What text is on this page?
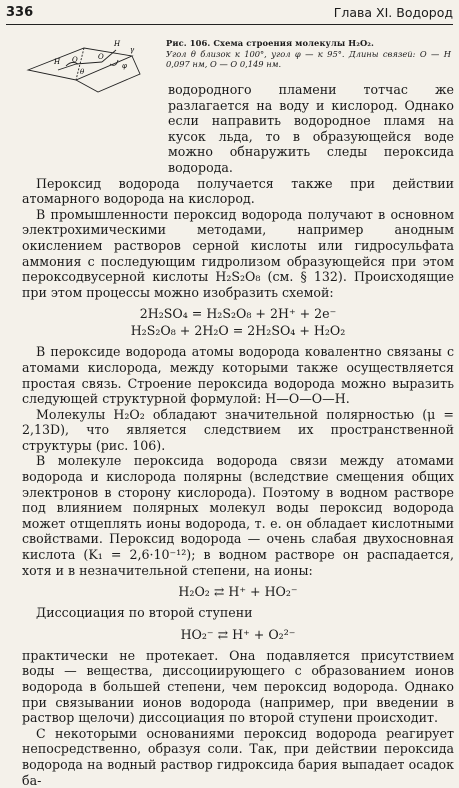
336	Глава XI. Водород
O
H
O
H
θ
φ
γ
Рис. 106. Схема строения молекулы H₂O₂.
Угол θ близок к 100°, угол φ — к 95°. Длины связей: O — H 0,097 нм, O — O 0,149 нм.

водородного пламени тотчас же разлагается на воду и кислород. Однако если направить водородное пламя на кусок льда, то в образующейся воде можно обнаружить следы пероксида водорода.

Пероксид водорода получается также при действии атомарного водорода на кислород.

В промышленности пероксид водорода получают в основном электрохимическими методами, например анодным окислением растворов серной кислоты или гидросульфата аммония с последующим гидролизом образующейся при этом пероксодвусерной кислоты H₂S₂O₈ (см. § 132). Происходящие при этом процессы можно изобразить схемой:

2H₂SO₄ = H₂S₂O₈ + 2H⁺ + 2e⁻
H₂S₂O₈ + 2H₂O = 2H₂SO₄ + H₂O₂

В пероксиде водорода атомы водорода ковалентно связаны с атомами кислорода, между которыми также осуществляется простая связь. Строение пероксида водорода можно выразить следующей структурной формулой: H—O—O—H.

Молекулы H₂O₂ обладают значительной полярностью (μ = 2,13D), что является следствием их пространственной структуры (рис. 106).

В молекуле пероксида водорода связи между атомами водорода и кислорода полярны (вследствие смещения общих электронов в сторону кислорода). Поэтому в водном растворе под влиянием полярных молекул воды пероксид водорода может отщеплять ионы водорода, т. е. он обладает кислотными свойствами. Пероксид водорода — очень слабая двухосновная кислота (K₁ = 2,6·10⁻¹²); в водном растворе он распадается, хотя и в незначительной степени, на ионы:

H₂O₂ ⇄ H⁺ + HO₂⁻

Диссоциация по второй ступени

HO₂⁻ ⇄ H⁺ + O₂²⁻

практически не протекает. Она подавляется присутствием воды — вещества, диссоциирующего с образованием ионов водорода в большей степени, чем пероксид водорода. Однако при связывании ионов водорода (например, при введении в раствор щелочи) диссоциация по второй ступени происходит.

С некоторыми основаниями пероксид водорода реагирует непосредственно, образуя соли. Так, при действии пероксида водорода на водный раствор гидроксида бария выпадает осадок ба-
